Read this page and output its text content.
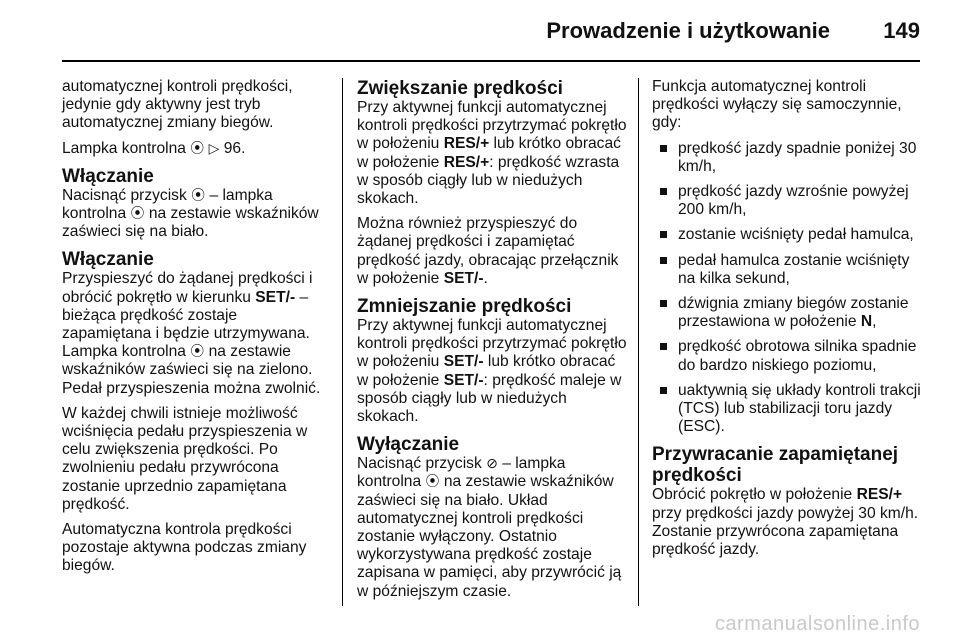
Prowadzenie i użytkowanie 149

automatycznej kontroli prędkości, jedynie gdy aktywny jest tryb automatycznej zmiany biegów.

Lampka kontrolna ⦿ ▷ 96.

Włączanie

Nacisnąć przycisk ⦿ – lampka kontrolna ⦿ na zestawie wskaźników zaświeci się na biało.

Włączanie

Przyspieszyć do żądanej prędkości i obrócić pokrętło w kierunku SET/- – bieżąca prędkość zostaje zapamiętana i będzie utrzymywana. Lampka kontrolna ⦿ na zestawie wskaźników zaświeci się na zielono. Pedał przyspieszenia można zwolnić.

W każdej chwili istnieje możliwość wciśnięcia pedału przyspieszenia w celu zwiększenia prędkości. Po zwolnieniu pedału przywrócona zostanie uprzednio zapamiętana prędkość.

Automatyczna kontrola prędkości pozostaje aktywna podczas zmiany biegów.

Zwiększanie prędkości

Przy aktywnej funkcji automatycznej kontroli prędkości przytrzymać pokrętło w położeniu RES/+ lub krótko obracać w położenie RES/+: prędkość wzrasta w sposób ciągły lub w niedużych skokach.

Można również przyspieszyć do żądanej prędkości i zapamiętać prędkość jazdy, obracając przełącznik w położenie SET/-.

Zmniejszanie prędkości

Przy aktywnej funkcji automatycznej kontroli prędkości przytrzymać pokrętło w położeniu SET/- lub krótko obracać w położenie SET/-: prędkość maleje w sposób ciągły lub w niedużych skokach.

Wyłączanie

Nacisnąć przycisk ⊘ – lampka kontrolna ⦿ na zestawie wskaźników zaświeci się na biało. Układ automatycznej kontroli prędkości zostanie wyłączony. Ostatnio wykorzystywana prędkość zostaje zapisana w pamięci, aby przywrócić ją w późniejszym czasie.

Funkcja automatycznej kontroli prędkości wyłączy się samoczynnie, gdy:

prędkość jazdy spadnie poniżej 30 km/h,
prędkość jazdy wzrośnie powyżej 200 km/h,
zostanie wciśnięty pedał hamulca,
pedał hamulca zostanie wciśnięty na kilka sekund,
dźwignia zmiany biegów zostanie przestawiona w położenie N,
prędkość obrotowa silnika spadnie do bardzo niskiego poziomu,
uaktywnią się układy kontroli trakcji (TCS) lub stabilizacji toru jazdy (ESC).
Przywracanie zapamiętanej prędkości

Obrócić pokrętło w położenie RES/+ przy prędkości jazdy powyżej 30 km/h. Zostanie przywrócona zapamiętana prędkość jazdy.

carmanualsonline.info
